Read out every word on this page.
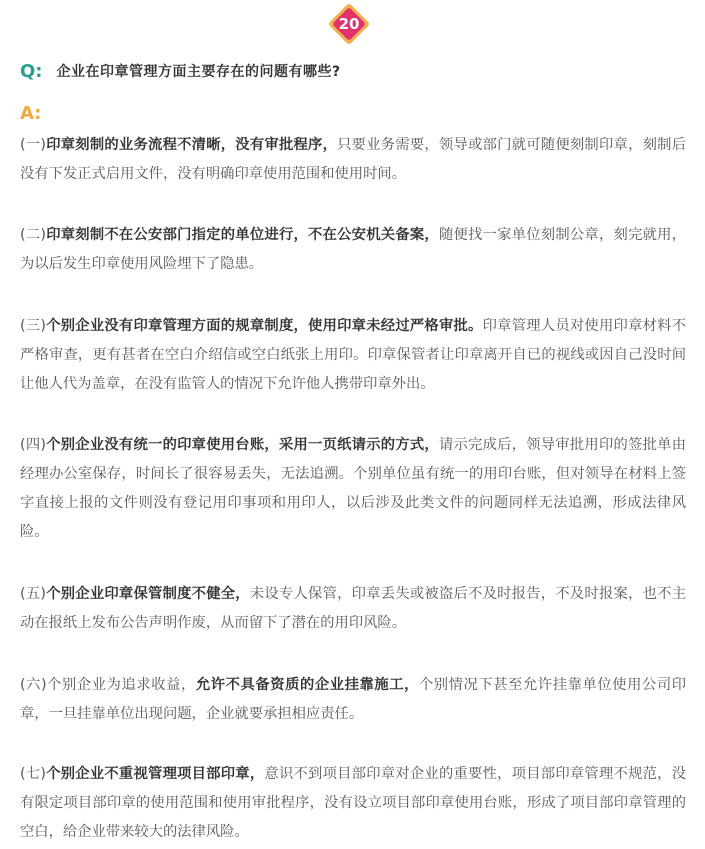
20
Q: 企业在印章管理方面主要存在的问题有哪些?
A:

(一)印章刻制的业务流程不清晰，没有审批程序，只要业务需要，领导或部门就可随便刻制印章，刻制后没有下发正式启用文件，没有明确印章使用范围和使用时间。

(二)印章刻制不在公安部门指定的单位进行，不在公安机关备案，随便找一家单位刻制公章，刻完就用，为以后发生印章使用风险埋下了隐患。

(三)个别企业没有印章管理方面的规章制度，使用印章未经过严格审批。印章管理人员对使用印章材料不严格审查，更有甚者在空白介绍信或空白纸张上用印。印章保管者让印章离开自已的视线或因自己没时间让他人代为盖章，在没有监管人的情况下允许他人携带印章外出。

(四)个别企业没有统一的印章使用台账，采用一页纸请示的方式，请示完成后，领导审批用印的签批单由经理办公室保存，时间长了很容易丢失，无法追溯。个别单位虽有统一的用印台账，但对领导在材料上签字直接上报的文件则没有登记用印事项和用印人，以后涉及此类文件的问题同样无法追溯，形成法律风险。

(五)个别企业印章保管制度不健全，未设专人保管，印章丢失或被盗后不及时报告，不及时报案，也不主动在报纸上发布公告声明作废，从而留下了潜在的用印风险。

(六)个别企业为追求收益，允许不具备资质的企业挂靠施工，个别情况下甚至允许挂靠单位使用公司印章，一旦挂靠单位出现问题，企业就要承担相应责任。

(七)个别企业不重视管理项目部印章，意识不到项目部印章对企业的重要性，项目部印章管理不规范，没有限定项目部印章的使用范围和使用审批程序，没有设立项目部印章使用台账，形成了项目部印章管理的空白，给企业带来较大的法律风险。
